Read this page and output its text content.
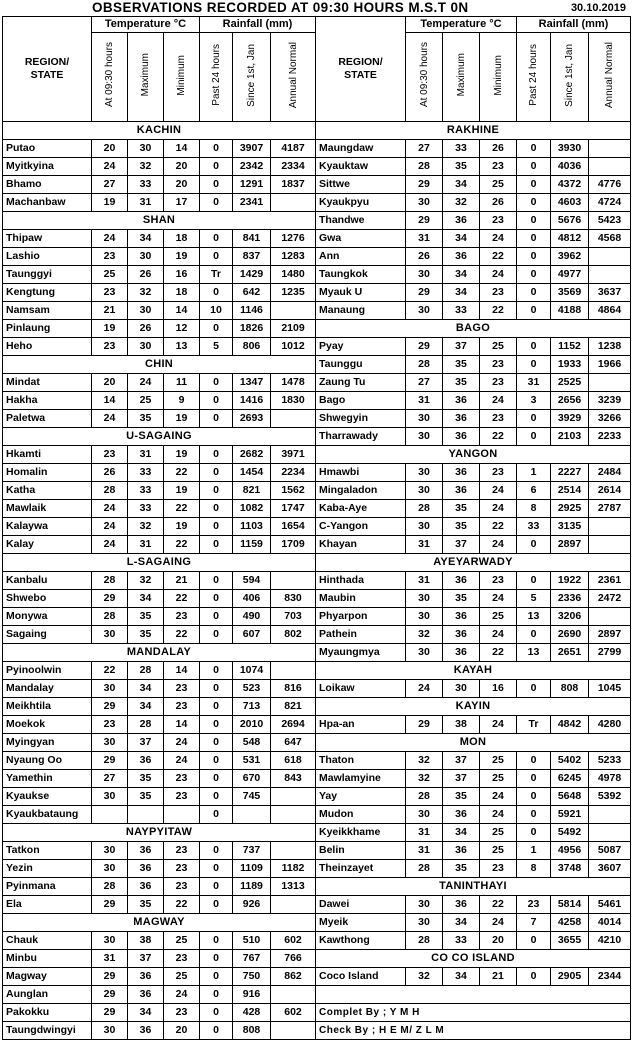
OBSERVATIONS RECORDED AT 09:30 HOURS M.S.T 0N	30.10.2019
REGION/
STATE	Temperature °C			Rainfall (mm)		
	At 09:30 hours	Maximum	Minimum	Past 24 hours	Since 1st, Jan	Annual Normal
KACHIN						
Putao	20	30	14	0	3907	4187
Myitkyina	24	32	20	0	2342	2334
Bhamo	27	33	20	0	1291	1837
Machanbaw	19	31	17	0	2341	
SHAN						
Thipaw	24	34	18	0	841	1276
Lashio	23	30	19	0	837	1283
Taunggyi	25	26	16	Tr	1429	1480
Kengtung	23	32	18	0	642	1235
Namsam	21	30	14	10	1146	
Pinlaung	19	26	12	0	1826	2109
Heho	23	30	13	5	806	1012
CHIN						
Mindat	20	24	11	0	1347	1478
Hakha	14	25	9	0	1416	1830
Paletwa	24	35	19	0	2693	
U-SAGAING						
Hkamti	23	31	19	0	2682	3971
Homalin	26	33	22	0	1454	2234
Katha	28	33	19	0	821	1562
Mawlaik	24	33	22	0	1082	1747
Kalaywa	24	32	19	0	1103	1654
Kalay	24	31	22	0	1159	1709
L-SAGAING						
Kanbalu	28	32	21	0	594	
Shwebo	29	34	22	0	406	830
Monywa	28	35	23	0	490	703
Sagaing	30	35	22	0	607	802
MANDALAY						
Pyinoolwin	22	28	14	0	1074	
Mandalay	30	34	23	0	523	816
Meikhtila	29	34	23	0	713	821
Moekok	23	28	14	0	2010	2694
Myingyan	30	37	24	0	548	647
Nyaung Oo	29	36	24	0	531	618
Yamethin	27	35	23	0	670	843
Kyaukse	30	35	23	0	745	
Kyaukbataung				0		
NAYPYITAW						
Tatkon	30	36	23	0	737	
Yezin	30	36	23	0	1109	1182
Pyinmana	28	36	23	0	1189	1313
Ela	29	35	22	0	926	
MAGWAY						
Chauk	30	38	25	0	510	602
Minbu	31	37	23	0	767	766
Magway	29	36	25	0	750	862
Aunglan	29	36	24	0	916	
Pakokku	29	34	23	0	428	602
Taungdwingyi	30	36	20	0	808	
REGION/
STATE	Temperature °C			Rainfall (mm)		
	At 09:30 hours	Maximum	Minimum	Past 24 hours	Since 1st, Jan	Annual Normal
RAKHINE						
Maungdaw	27	33	26	0	3930	
Kyauktaw	28	35	23	0	4036	
Sittwe	29	34	25	0	4372	4776
Kyaukpyu	30	32	26	0	4603	4724
Thandwe	29	36	23	0	5676	5423
Gwa	31	34	24	0	4812	4568
Ann	26	36	22	0	3962	
Taungkok	30	34	24	0	4977	
Myauk U	29	34	23	0	3569	3637
Manaung	30	33	22	0	4188	4864
BAGO						
Pyay	29	37	25	0	1152	1238
Taunggu	28	35	23	0	1933	1966
Zaung Tu	27	35	23	31	2525	
Bago	31	36	24	3	2656	3239
Shwegyin	30	36	23	0	3929	3266
Tharrawady	30	36	22	0	2103	2233
YANGON						
Hmawbi	30	36	23	1	2227	2484
Mingaladon	30	36	24	6	2514	2614
Kaba-Aye	28	35	24	8	2925	2787
C-Yangon	30	35	22	33	3135	
Khayan	31	37	24	0	2897	
AYEYARWADY						
Hinthada	31	36	23	0	1922	2361
Maubin	30	35	24	5	2336	2472
Phyarpon	30	36	25	13	3206	
Pathein	32	36	24	0	2690	2897
Myaungmya	30	36	22	13	2651	2799
KAYAH						
Loikaw	24	30	16	0	808	1045
KAYIN						
Hpa-an	29	38	24	Tr	4842	4280
MON						
Thaton	32	37	25	0	5402	5233
Mawlamyine	32	37	25	0	6245	4978
Yay	28	35	24	0	5648	5392
Mudon	30	36	24	0	5921	
Kyeikkhame	31	34	25	0	5492	
Belin	31	36	25	1	4956	5087
Theinzayet	28	35	23	8	3748	3607
TANINTHAYI						
Dawei	30	36	22	23	5814	5461
Myeik	30	34	24	7	4258	4014
Kawthong	28	33	20	0	3655	4210
CO CO ISLAND						
Coco Island	32	34	21	0	2905	2344

Complet By ; Y M H						
Check By ; H E M/ Z L M						
